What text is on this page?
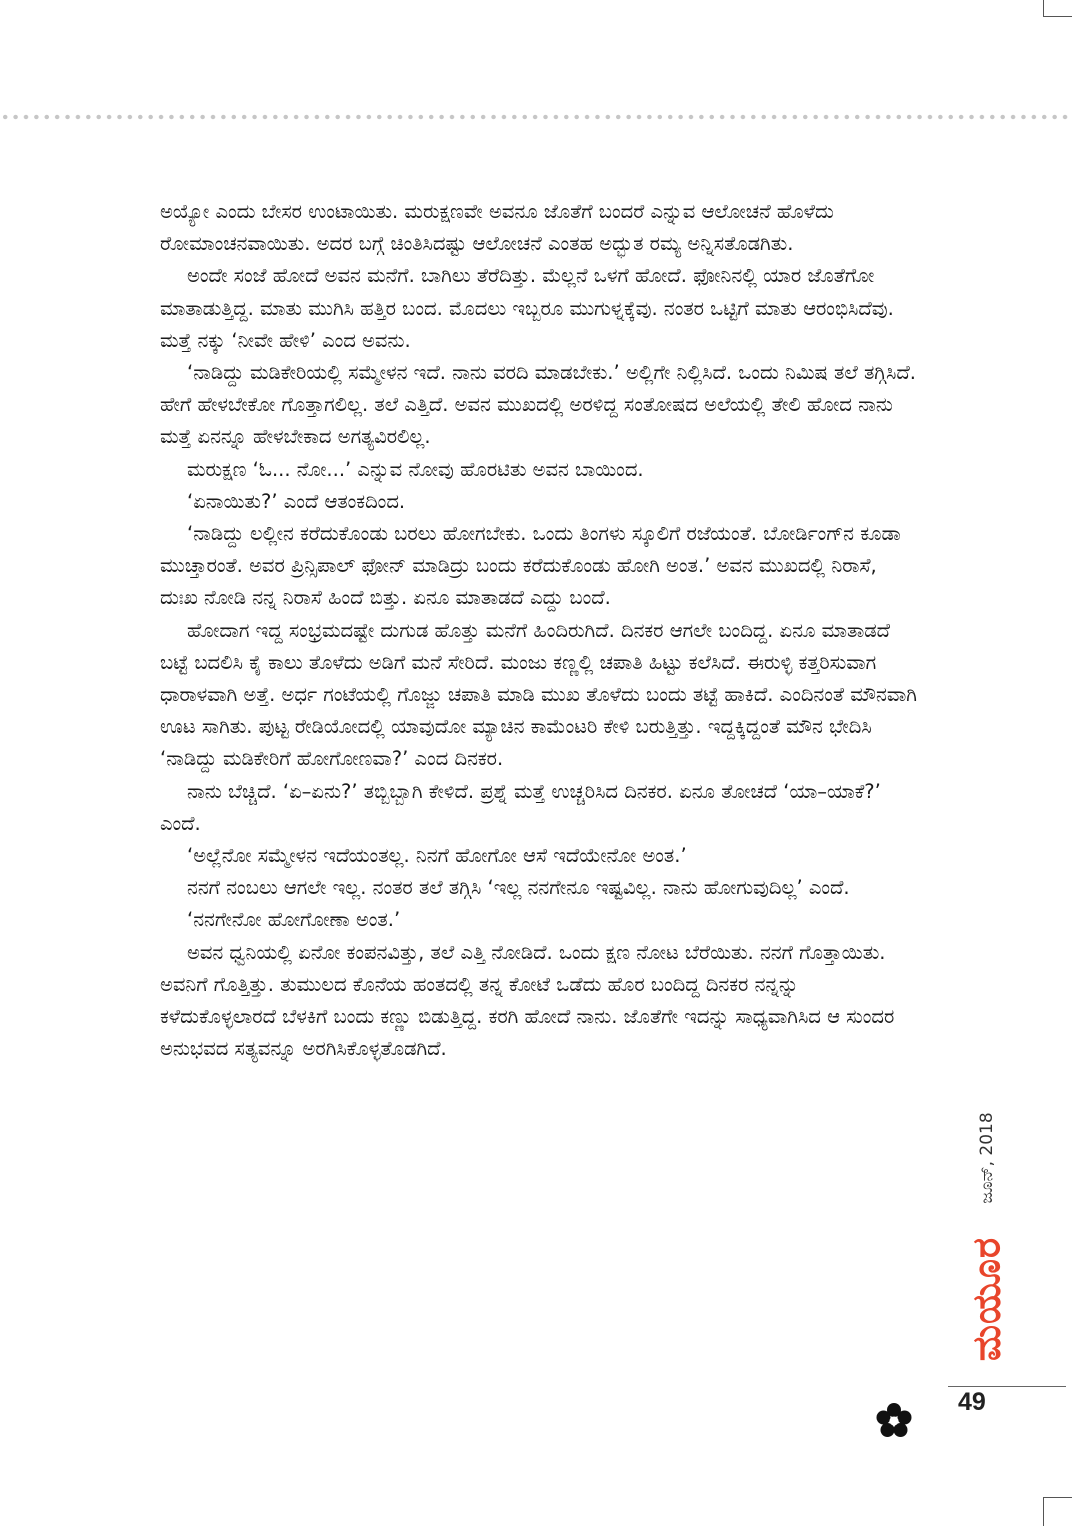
ಅಯ್ಯೋ ಎಂದು ಬೇಸರ ಉಂಟಾಯಿತು. ಮರುಕ್ಷಣವೇ ಅವನೂ ಜೊತೆಗೆ ಬಂದರೆ ಎನ್ನುವ ಆಲೋಚನೆ ಹೊಳೆದು ರೋಮಾಂಚನವಾಯಿತು. ಅದರ ಬಗ್ಗೆ ಚಿಂತಿಸಿದಷ್ಟು ಆಲೋಚನೆ ಎಂತಹ ಅದ್ಭುತ ರಮ್ಯ ಅನ್ನಿಸತೊಡಗಿತು.

ಅಂದೇ ಸಂಜೆ ಹೋದೆ ಅವನ ಮನೆಗೆ. ಬಾಗಿಲು ತೆರೆದಿತ್ತು. ಮೆಲ್ಲನೆ ಒಳಗೆ ಹೋದೆ. ಫೋನಿನಲ್ಲಿ ಯಾರ ಜೊತೆಗೋ ಮಾತಾಡುತ್ತಿದ್ದ. ಮಾತು ಮುಗಿಸಿ ಹತ್ತಿರ ಬಂದ. ಮೊದಲು ಇಬ್ಬರೂ ಮುಗುಳ್ನಕ್ಕೆವು. ನಂತರ ಒಟ್ಟಿಗೆ ಮಾತು ಆರಂಭಿಸಿದೆವು. ಮತ್ತೆ ನಕ್ಕು ‘ನೀವೇ ಹೇಳಿ’ ಎಂದ ಅವನು.

‘ನಾಡಿದ್ದು ಮಡಿಕೇರಿಯಲ್ಲಿ ಸಮ್ಮೇಳನ ಇದೆ. ನಾನು ವರದಿ ಮಾಡಬೇಕು.’ ಅಲ್ಲಿಗೇ ನಿಲ್ಲಿಸಿದೆ. ಒಂದು ನಿಮಿಷ ತಲೆ ತಗ್ಗಿಸಿದೆ. ಹೇಗೆ ಹೇಳಬೇಕೋ ಗೊತ್ತಾಗಲಿಲ್ಲ. ತಲೆ ಎತ್ತಿದೆ. ಅವನ ಮುಖದಲ್ಲಿ ಅರಳಿದ್ದ ಸಂತೋಷದ ಅಲೆಯಲ್ಲಿ ತೇಲಿ ಹೋದ ನಾನು ಮತ್ತೆ ಏನನ್ನೂ ಹೇಳಬೇಕಾದ ಅಗತ್ಯವಿರಲಿಲ್ಲ.

ಮರುಕ್ಷಣ ‘ಓ... ನೋ...’ ಎನ್ನುವ ನೋವು ಹೊರಟಿತು ಅವನ ಬಾಯಿಂದ.

‘ಏನಾಯಿತು?’ ಎಂದೆ ಆತಂಕದಿಂದ.

‘ನಾಡಿದ್ದು ಲಲ್ಲೀನ ಕರೆದುಕೊಂಡು ಬರಲು ಹೋಗಬೇಕು. ಒಂದು ತಿಂಗಳು ಸ್ಕೂಲಿಗೆ ರಜೆಯಂತೆ. ಬೋರ್ಡಿಂಗ್‌ನ ಕೂಡಾ ಮುಚ್ತಾರಂತೆ. ಅವರ ಪ್ರಿನ್ಸಿಪಾಲ್ ಫೋನ್ ಮಾಡಿದ್ರು ಬಂದು ಕರೆದುಕೊಂಡು ಹೋಗಿ ಅಂತ.’ ಅವನ ಮುಖದಲ್ಲಿ ನಿರಾಸೆ, ದುಃಖ ನೋಡಿ ನನ್ನ ನಿರಾಸೆ ಹಿಂದೆ ಬಿತ್ತು. ಏನೂ ಮಾತಾಡದೆ ಎದ್ದು ಬಂದೆ.

ಹೋದಾಗ ಇದ್ದ ಸಂಭ್ರಮದಷ್ಟೇ ದುಗುಡ ಹೊತ್ತು ಮನೆಗೆ ಹಿಂದಿರುಗಿದೆ. ದಿನಕರ ಆಗಲೇ ಬಂದಿದ್ದ. ಏನೂ ಮಾತಾಡದೆ ಬಟ್ಟೆ ಬದಲಿಸಿ ಕೈ ಕಾಲು ತೊಳೆದು ಅಡಿಗೆ ಮನೆ ಸೇರಿದೆ. ಮಂಜು ಕಣ್ಣಲ್ಲಿ ಚಪಾತಿ ಹಿಟ್ಟು ಕಲೆಸಿದೆ. ಈರುಳ್ಳಿ ಕತ್ತರಿಸುವಾಗ ಧಾರಾಳವಾಗಿ ಅತ್ತೆ. ಅರ್ಧ ಗಂಟೆಯಲ್ಲಿ ಗೊಜ್ಜು ಚಪಾತಿ ಮಾಡಿ ಮುಖ ತೊಳೆದು ಬಂದು ತಟ್ಟೆ ಹಾಕಿದೆ. ಎಂದಿನಂತೆ ಮೌನವಾಗಿ ಊಟ ಸಾಗಿತು. ಪುಟ್ಟ ರೇಡಿಯೋದಲ್ಲಿ ಯಾವುದೋ ಮ್ಯಾಚಿನ ಕಾಮೆಂಟರಿ ಕೇಳಿ ಬರುತ್ತಿತ್ತು. ಇದ್ದಕ್ಕಿದ್ದಂತೆ ಮೌನ ಭೇದಿಸಿ ‘ನಾಡಿದ್ದು ಮಡಿಕೇರಿಗೆ ಹೋಗೋಣವಾ?’ ಎಂದ ದಿನಕರ.

ನಾನು ಬೆಚ್ಚಿದೆ. ‘ಏ–ಏನು?’ ತಬ್ಬಿಬ್ಬಾಗಿ ಕೇಳಿದೆ. ಪ್ರಶ್ನೆ ಮತ್ತೆ ಉಚ್ಚರಿಸಿದ ದಿನಕರ. ಏನೂ ತೋಚದೆ ‘ಯಾ–ಯಾಕೆ?’ ಎಂದೆ.

‘ಅಲ್ಲೆನೋ ಸಮ್ಮೇಳನ ಇದೆಯಂತಲ್ಲ. ನಿನಗೆ ಹೋಗೋ ಆಸೆ ಇದೆಯೇನೋ ಅಂತ.’

ನನಗೆ ನಂಬಲು ಆಗಲೇ ಇಲ್ಲ. ನಂತರ ತಲೆ ತಗ್ಗಿಸಿ ‘ಇಲ್ಲ ನನಗೇನೂ ಇಷ್ಟವಿಲ್ಲ. ನಾನು ಹೋಗುವುದಿಲ್ಲ’ ಎಂದೆ.

‘ನನಗೇನೋ ಹೋಗೋಣಾ ಅಂತ.’

ಅವನ ಧ್ವನಿಯಲ್ಲಿ ಏನೋ ಕಂಪನವಿತ್ತು, ತಲೆ ಎತ್ತಿ ನೋಡಿದೆ. ಒಂದು ಕ್ಷಣ ನೋಟ ಬೆರೆಯಿತು. ನನಗೆ ಗೊತ್ತಾಯಿತು. ಅವನಿಗೆ ಗೊತ್ತಿತ್ತು. ತುಮುಲದ ಕೊನೆಯ ಹಂತದಲ್ಲಿ ತನ್ನ ಕೋಟೆ ಒಡೆದು ಹೊರ ಬಂದಿದ್ದ ದಿನಕರ ನನ್ನನ್ನು ಕಳೆದುಕೊಳ್ಳಲಾರದೆ ಬೆಳಕಿಗೆ ಬಂದು ಕಣ್ಣು ಬಿಡುತ್ತಿದ್ದ. ಕರಗಿ ಹೋದೆ ನಾನು. ಜೊತೆಗೇ ಇದನ್ನು ಸಾಧ್ಯವಾಗಿಸಿದ ಆ ಸುಂದರ ಅನುಭವದ ಸತ್ಯವನ್ನೂ ಅರಗಿಸಿಕೊಳ್ಳತೊಡಗಿದೆ.

ಜೂನ್, 2018
ಮಯೂರ
49
